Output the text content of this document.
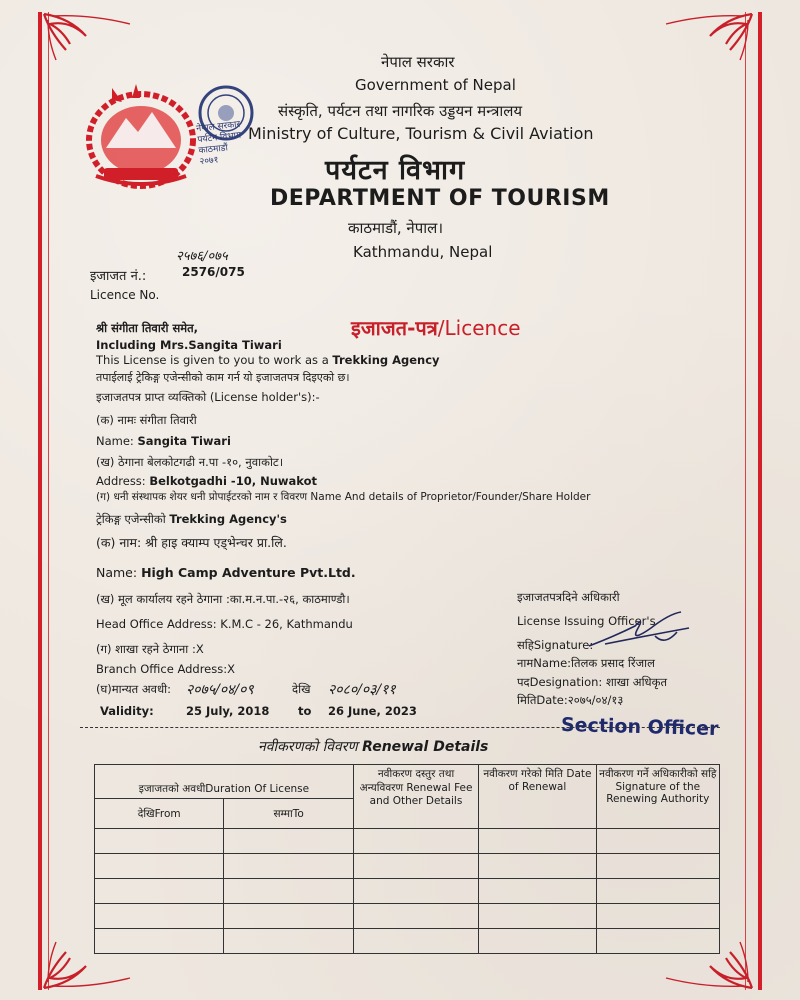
नेपाल सरकार
पर्यटन विभाग
काठमाडौं
२०७१
नेपाल सरकार
Government of Nepal
संस्कृति, पर्यटन तथा नागरिक उड्डयन मन्त्रालय
Ministry of Culture, Tourism & Civil Aviation
पर्यटन विभाग
DEPARTMENT OF TOURISM
काठमाडौं, नेपाल।
Kathmandu, Nepal
२५७६/०७५
इजाजत नं.:	2576/075
Licence No.
इजाजत-पत्र/Licence
श्री संगीता तिवारी समेत,
Including Mrs.Sangita Tiwari
This License is given to you to work as a Trekking Agency
तपाईलाई ट्रेकिङ्ग एजेन्सीको काम गर्न यो इजाजतपत्र दिइएको छ।
इजाजतपत्र प्राप्त व्यक्तिको (License holder's):-
(क) नामः संगीता तिवारी
Name: Sangita Tiwari
(ख) ठेगाना बेलकोटगढी न.पा -१०, नुवाकोट।
Address: Belkotgadhi -10, Nuwakot
(ग) धनी संस्थापक शेयर धनी प्रोपाईटरको नाम र विवरण Name And details of Proprietor/Founder/Share Holder
ट्रेकिङ्ग एजेन्सीको Trekking Agency's
(क) नाम: श्री हाइ क्याम्प एड्भेन्चर प्रा.लि.
Name: High Camp Adventure Pvt.Ltd.
(ख) मूल कार्यालय रहने ठेगाना :का.म.न.पा.-२६, काठमाण्डौ।
Head Office Address: K.M.C - 26, Kathmandu
(ग) शाखा रहने ठेगाना :X
Branch Office Address:X
(घ)मान्यत अवधी: २०७५/०४/०९	देखि २०८०/०३/११
Validity:	25 July, 2018 to 26 June, 2023
इजाजतपत्रदिने अधिकारी
License Issuing Officer's
सहिSignature:
नामName:तिलक प्रसाद रिंजाल
पदDesignation: शाखा अधिकृत
मितिDate:२०७५/०४/१३
Section Officer
नवीकरणको विवरण Renewal Details
इजाजतको अवधीDuration Of License		नवीकरण दस्तुर तथा अन्यविवरण Renewal Fee and Other Details	नवीकरण गरेको मिति Date of Renewal	नवीकरण गर्ने अधिकारीको सहि Signature of the Renewing Authority
देखिFrom	सम्माTo			
